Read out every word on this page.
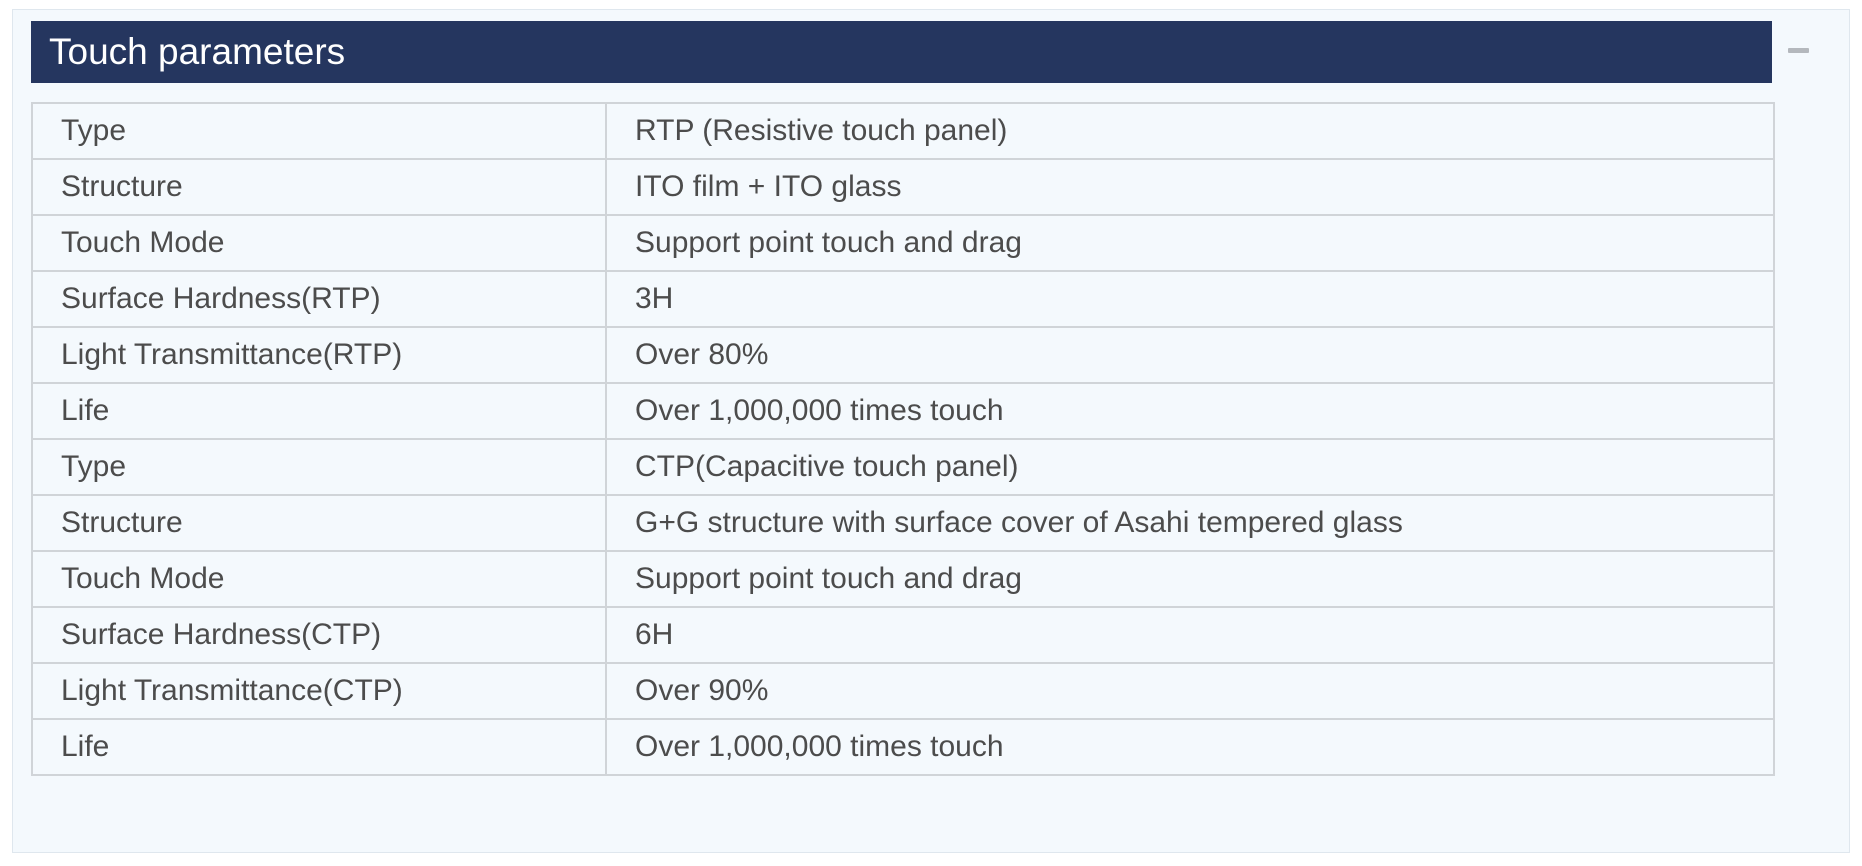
Touch parameters
Type	RTP (Resistive touch panel)
Structure	ITO film + ITO glass
Touch Mode	Support point touch and drag
Surface Hardness(RTP)	3H
Light Transmittance(RTP)	Over 80%
Life	Over 1,000,000 times touch
Type	CTP(Capacitive touch panel)
Structure	G+G structure with surface cover of Asahi tempered glass
Touch Mode	Support point touch and drag
Surface Hardness(CTP)	6H
Light Transmittance(CTP)	Over 90%
Life	Over 1,000,000 times touch
